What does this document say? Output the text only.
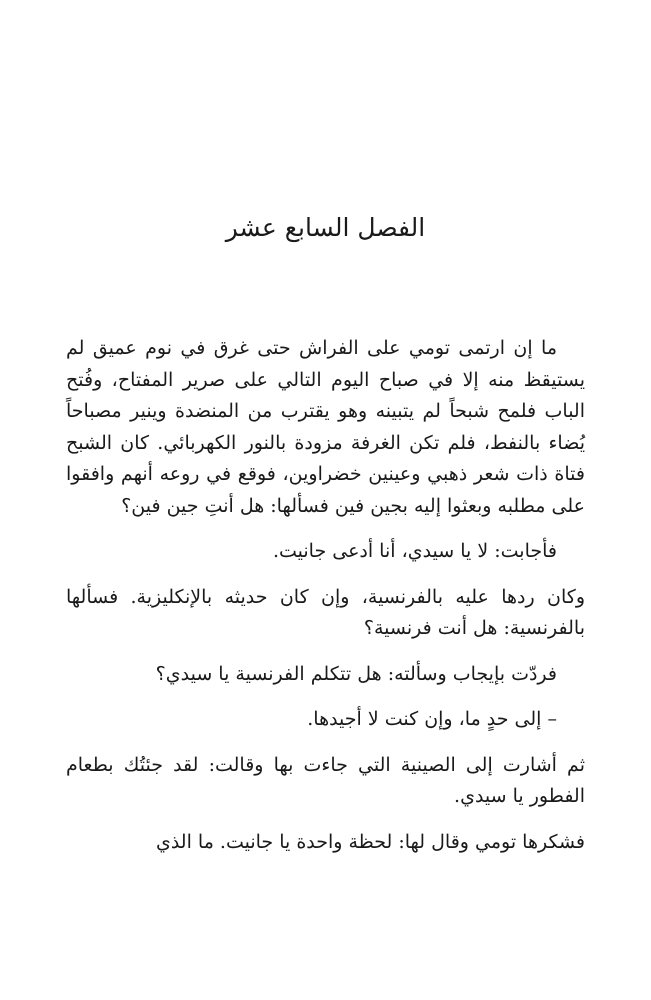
الفصل السابع عشر

ما إن ارتمى تومي على الفراش حتى غرق في نوم عميق لم يستيقظ منه إلا في صباح اليوم التالي على صرير المفتاح، وفُتح الباب فلمح شبحاً لم يتبينه وهو يقترب من المنضدة وينير مصباحاً يُضاء بالنفط، فلم تكن الغرفة مزودة بالنور الكهربائي. كان الشبح فتاة ذات شعر ذهبي وعينين خضراوين، فوقع في روعه أنهم وافقوا على مطلبه وبعثوا إليه بجين فين فسألها: هل أنتِ جين فين؟

فأجابت: لا يا سيدي، أنا أدعى جانيت.

وكان ردها عليه بالفرنسية، وإن كان حديثه بالإنكليزية. فسألها بالفرنسية: هل أنت فرنسية؟

فردّت بإيجاب وسألته: هل تتكلم الفرنسية يا سيدي؟

– إلى حدٍ ما، وإن كنت لا أجيدها.

ثم أشارت إلى الصينية التي جاءت بها وقالت: لقد جئتُك بطعام الفطور يا سيدي.

فشكرها تومي وقال لها: لحظة واحدة يا جانيت. ما الذي
